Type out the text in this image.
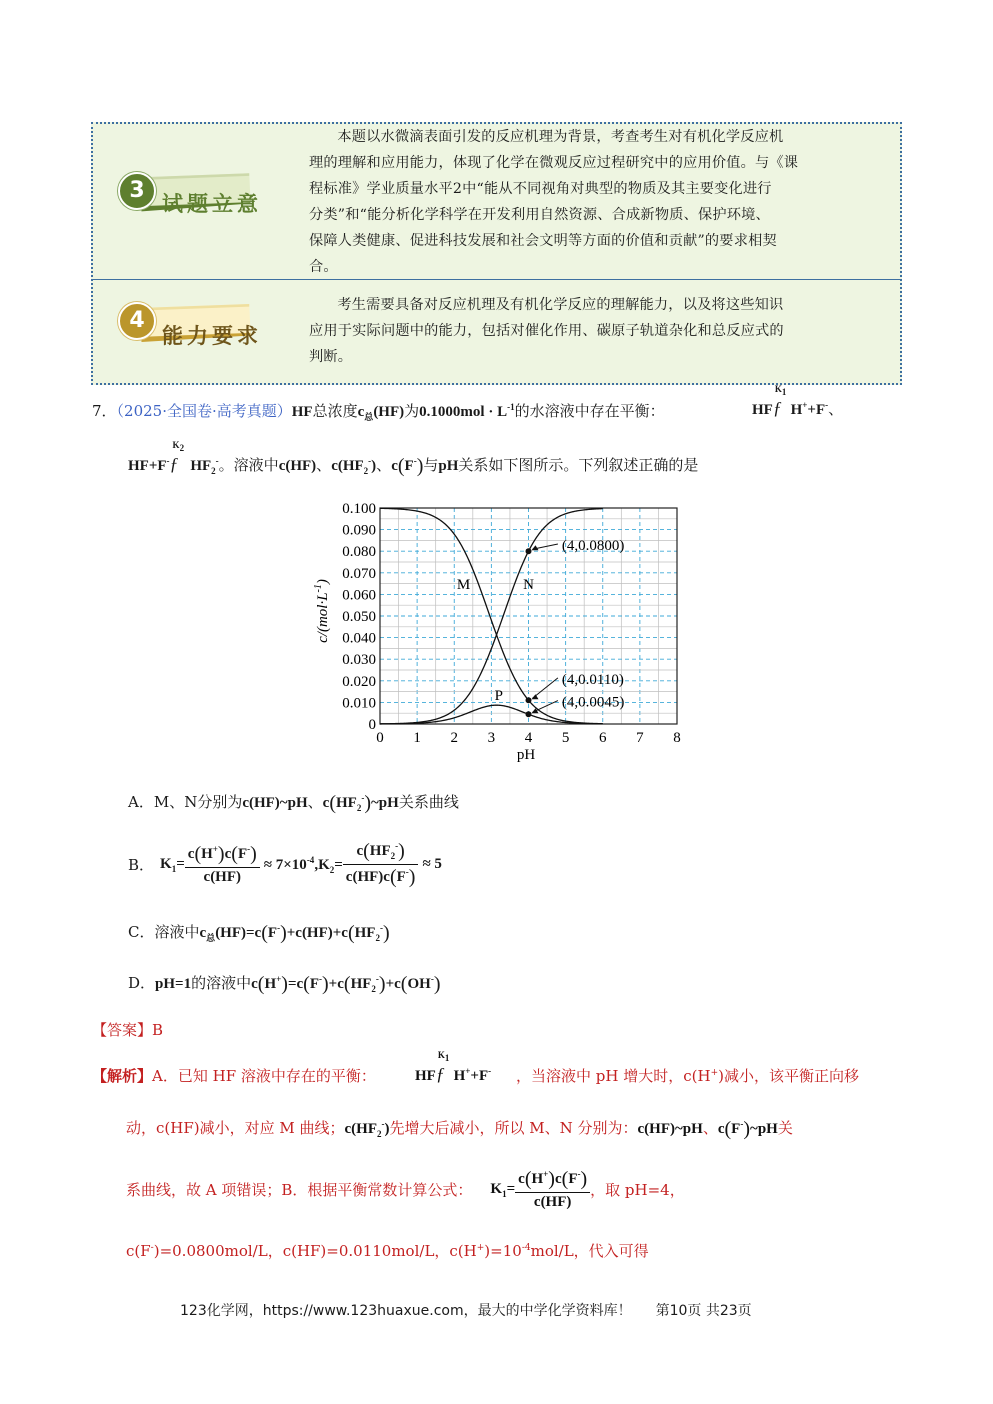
3
试题立意
本题以水微滴表面引发的反应机理为背景，考查考生对有机化学反应机
理的理解和应用能力，体现了化学在微观反应过程研究中的应用价值。与《课
程标准》学业质量水平2中“能从不同视角对典型的物质及其主要变化进行
分类”和“能分析化学科学在开发利用自然资源、合成新物质、保护环境、
保障人类健康、促进科技发展和社会文明等方面的价值和贡献”的要求相契
合。
4
能力要求
考生需要具备对反应机理及有机化学反应的理解能力，以及将这些知识
应用于实际问题中的能力，包括对催化作用、碳原子轨道杂化和总反应式的
判断。
7．（2025·全国卷·高考真题）HF总浓度$c_总(HF)$为$0.1000mol \cdot L^{-1}$的水溶液中存在平衡：	HF
$K_1$
ƒ H++F-、
HF+F-
$K_2$
ƒ $HF_2^-$。溶液中c(HF)、$c(HF_2^-)$、c(F-)与pH关系如下图所示。下列叙述正确的是
0 1 2 3 4 5 6 7 8
0
0.010
0.020
0.030
0.040
0.050
0.060
0.070
0.080
0.090
0.100
M	N
P
(4,0.0800)
(4,0.0110)
(4,0.0045)
$c/(mol\cdot L^{-1})$
pH
A．M、N分别为c(HF)~pH、$c(HF_2^-)\sim pH$关系曲线
B． $K_1= \frac{c(H^+)c(F^-)}{c(HF)} \approx 7\times 10^{-4},K_2= \frac{c(HF_2^-)}{c(HF)c(F^-)} \approx 5$
C．溶液中$c_总(HF)=c(F^-)+c(HF)+c(HF_2^-)$
D．pH=1的溶液中$c(H^+)=c(F^-)+c(HF_2^-)+c(OH^-)$
【答案】B
【解析】A．已知 HF 溶液中存在的平衡：	HF
$K_1$
ƒ H++F- ，当溶液中 pH 增大时，c(H+)减小，该平衡正向移
动，c(HF)减小，对应 M 曲线；$c(HF_2^-)$先增大后减小，所以 M、N 分别为：c(HF)~pH、c(F-)~pH关
系曲线，故 A 项错误；B．根据平衡常数计算公式： $K_1= \frac{c(H^+)c(F^-)}{c(HF)}$ ，取 pH=4，
c(F-)=0.0800mol/L，c(HF)=0.0110mol/L，$c(H^+)=10^{-4}mol/L$，代入可得
123化学网，https://www.123huaxue.com，最大的中学化学资料库！ 第10页 共23页
